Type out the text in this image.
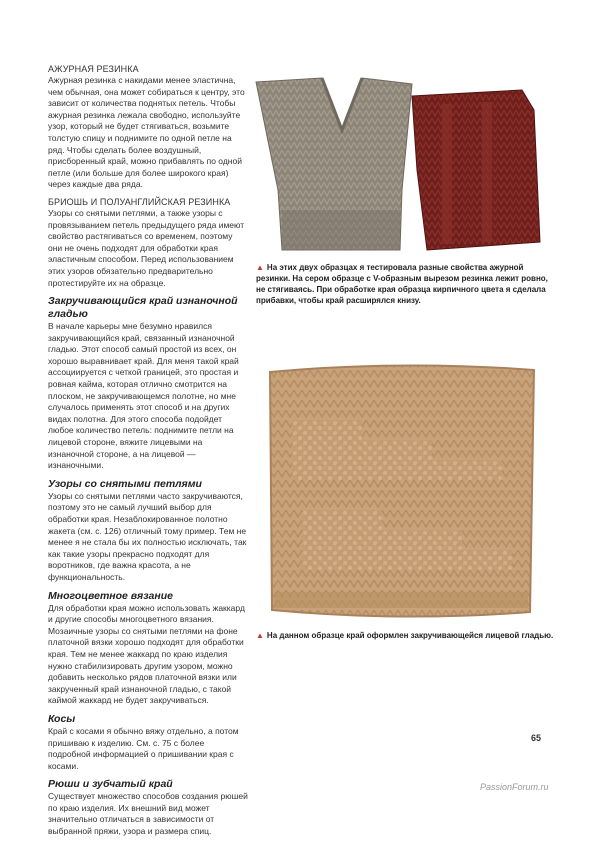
АЖУРНАЯ РЕЗИНКА

Ажурная резинка с накидами менее эластична, чем обычная, она может собираться к центру, это зависит от количества поднятых петель. Чтобы ажурная резинка лежала свободно, используйте узор, который не будет стягиваться, возьмите толстую спицу и поднимите по одной петле на ряд. Чтобы сделать более воздушный, присборенный край, можно прибавлять по одной петле (или больше для более широкого края) через каждые два ряда.

БРИОШЬ И ПОЛУАНГЛИЙСКАЯ РЕЗИНКА

Узоры со снятыми петлями, а также узоры с провязыванием петель предыдущего ряда имеют свойство растягиваться со временем, поэтому они не очень подходят для обработки края эластичным способом. Перед использованием этих узоров обязательно предварительно протестируйте их на образце.

Закручивающийся край изнаночной гладью

В начале карьеры мне безумно нравился закручивающийся край, связанный изнаночной гладью. Этот способ самый простой из всех, он хорошо выравнивает край. Для меня такой край ассоциируется с четкой границей, это простая и ровная кайма, которая отлично смотрится на плоском, не закручивающемся полотне, но мне случалось применять этот способ и на других видах полотна. Для этого способа подойдет любое количество петель: поднимите петли на лицевой стороне, вяжите лицевыми на изнаночной стороне, а на лицевой — изнаночными.

Узоры со снятыми петлями

Узоры со снятыми петлями часто закручиваются, поэтому это не самый лучший выбор для обработки края. Незаблокированное полотно жакета (см. с. 126) отличный тому пример. Тем не менее я не стала бы их полностью исключать, так как такие узоры прекрасно подходят для воротников, где важна красота, а не функциональность.

Многоцветное вязание

Для обработки края можно использовать жаккард и другие способы многоцветного вязания. Мозаичные узоры со снятыми петлями на фоне платочной вязки хорошо подходят для обработки края. Тем не менее жаккард по краю изделия нужно стабилизировать другим узором, можно добавить несколько рядов платочной вязки или закрученный край изнаночной гладью, с такой каймой жаккард не будет закручиваться.

Косы

Край с косами я обычно вяжу отдельно, а потом пришиваю к изделию. См. с. 75 с более подробной информацией о пришивании края с косами.

Рюши и зубчатый край

Существует множество способов создания рюшей по краю изделия. Их внешний вид может значительно отличаться в зависимости от выбранной пряжи, узора и размера спиц.

▲ На этих двух образцах я тестировала разные свойства ажурной резинки. На сером образце с V-образным вырезом резинка лежит ровно, не стягиваясь. При обработке края образца кирпичного цвета я сделала прибавки, чтобы край расширялся книзу.
▲ На данном образце край оформлен закручивающейся лицевой гладью.
65
PassionForum.ru
